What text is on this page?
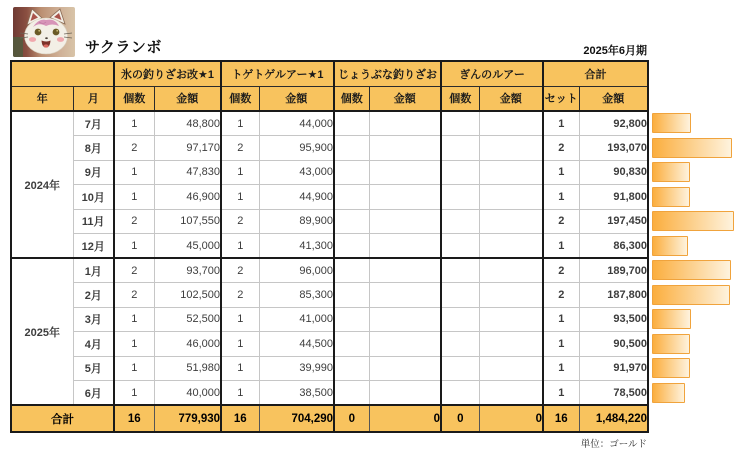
サクランボ	2025年6月期
		氷の釣りざお改★1		トゲトゲルアー★1		じょうぶな釣りざお		ぎんのルアー		合計	
年	月	個数	金額	個数	金額	個数	金額	個数	金額	セット	金額
2024年	7月	1	48,800	1	44,000					1	92,800
	8月	2	97,170	2	95,900					2	193,070
	9月	1	47,830	1	43,000					1	90,830
	10月	1	46,900	1	44,900					1	91,800
	11月	2	107,550	2	89,900					2	197,450
	12月	1	45,000	1	41,300					1	86,300
2025年	1月	2	93,700	2	96,000					2	189,700
	2月	2	102,500	2	85,300					2	187,800
	3月	1	52,500	1	41,000					1	93,500
	4月	1	46,000	1	44,500					1	90,500
	5月	1	51,980	1	39,990					1	91,970
	6月	1	40,000	1	38,500					1	78,500
合計		16	779,930	16	704,290	0	0	0	0	16	1,484,220
単位：ゴールド
